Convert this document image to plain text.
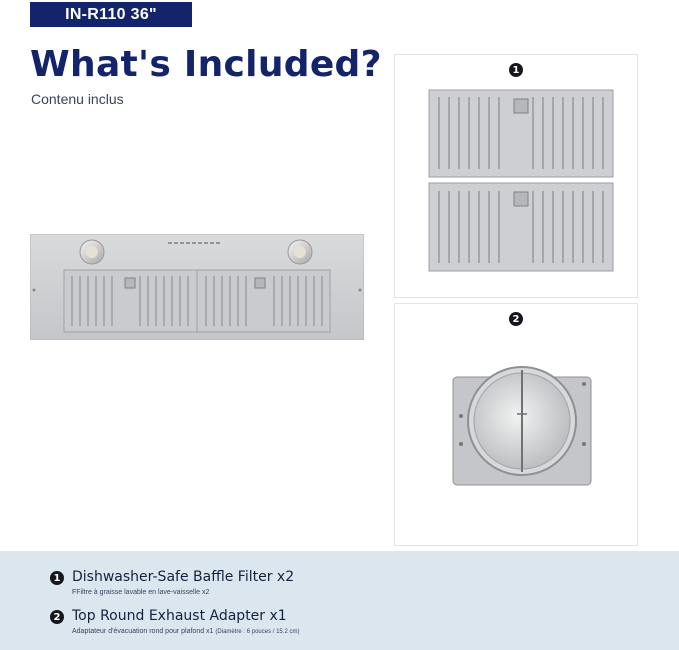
IN-R110 36"
What's Included?
Contenu inclus
1
2
1 Dishwasher-Safe Baffle Filter x2
FFiltre à graisse lavable en lave-vaisselle x2
2 Top Round Exhaust Adapter x1
Adaptateur d'évacuation rond pour plafond x1 (Diamètre : 6 pouces / 15.2 cm)
